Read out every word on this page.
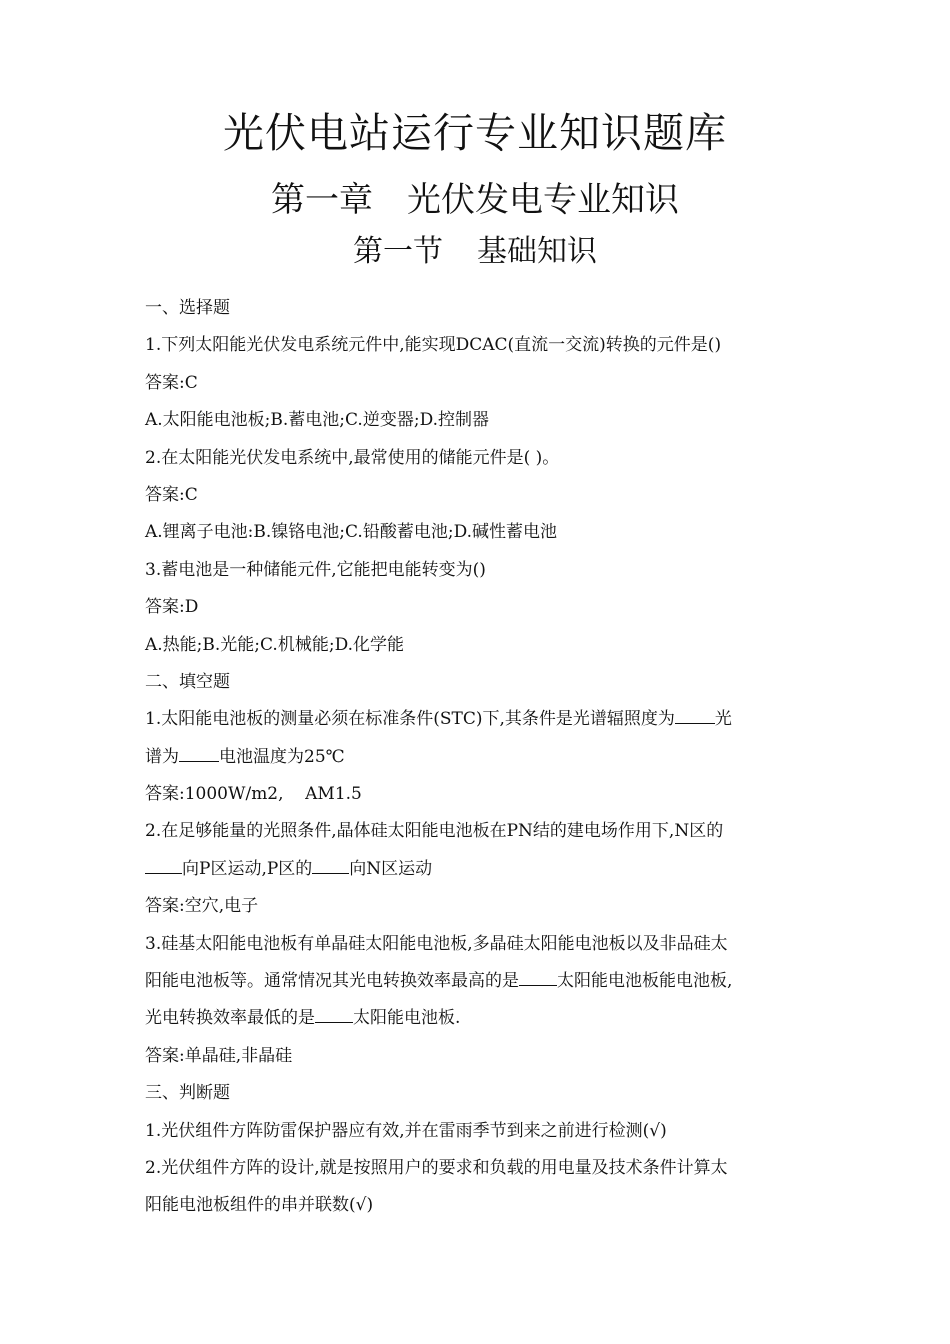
光伏电站运行专业知识题库
第一章 光伏发电专业知识
第一节 基础知识
一、选择题
1.下列太阳能光伏发电系统元件中,能实现DCAC(直流一交流)转换的元件是()
答案:C
A.太阳能电池板;B.蓄电池;C.逆变器;D.控制器
2.在太阳能光伏发电系统中,最常使用的储能元件是( )。
答案:C
A.锂离子电池:B.镍铬电池;C.铅酸蓄电池;D.碱性蓄电池
3.蓄电池是一种储能元件,它能把电能转变为()
答案:D
A.热能;B.光能;C.机械能;D.化学能
二、填空题
1.太阳能电池板的测量必须在标准条件(STC)下,其条件是光谱辐照度为 光
谱为 电池温度为25℃
答案:1000W/m2,    AM1.5
2.在足够能量的光照条件,晶体硅太阳能电池板在PN结的建电场作用下,N区的
向P区运动,P区的 向N区运动
答案:空穴,电子
3.硅基太阳能电池板有单晶硅太阳能电池板,多晶硅太阳能电池板以及非品硅太
阳能电池板等。通常情况其光电转换效率最高的是 太阳能电池板能电池板,
光电转换效率最低的是 太阳能电池板.
答案:单晶硅,非晶硅
三、判断题
1.光伏组件方阵防雷保护器应有效,并在雷雨季节到来之前进行检测(√)
2.光伏组件方阵的设计,就是按照用户的要求和负载的用电量及技术条件计算太
阳能电池板组件的串并联数(√)
